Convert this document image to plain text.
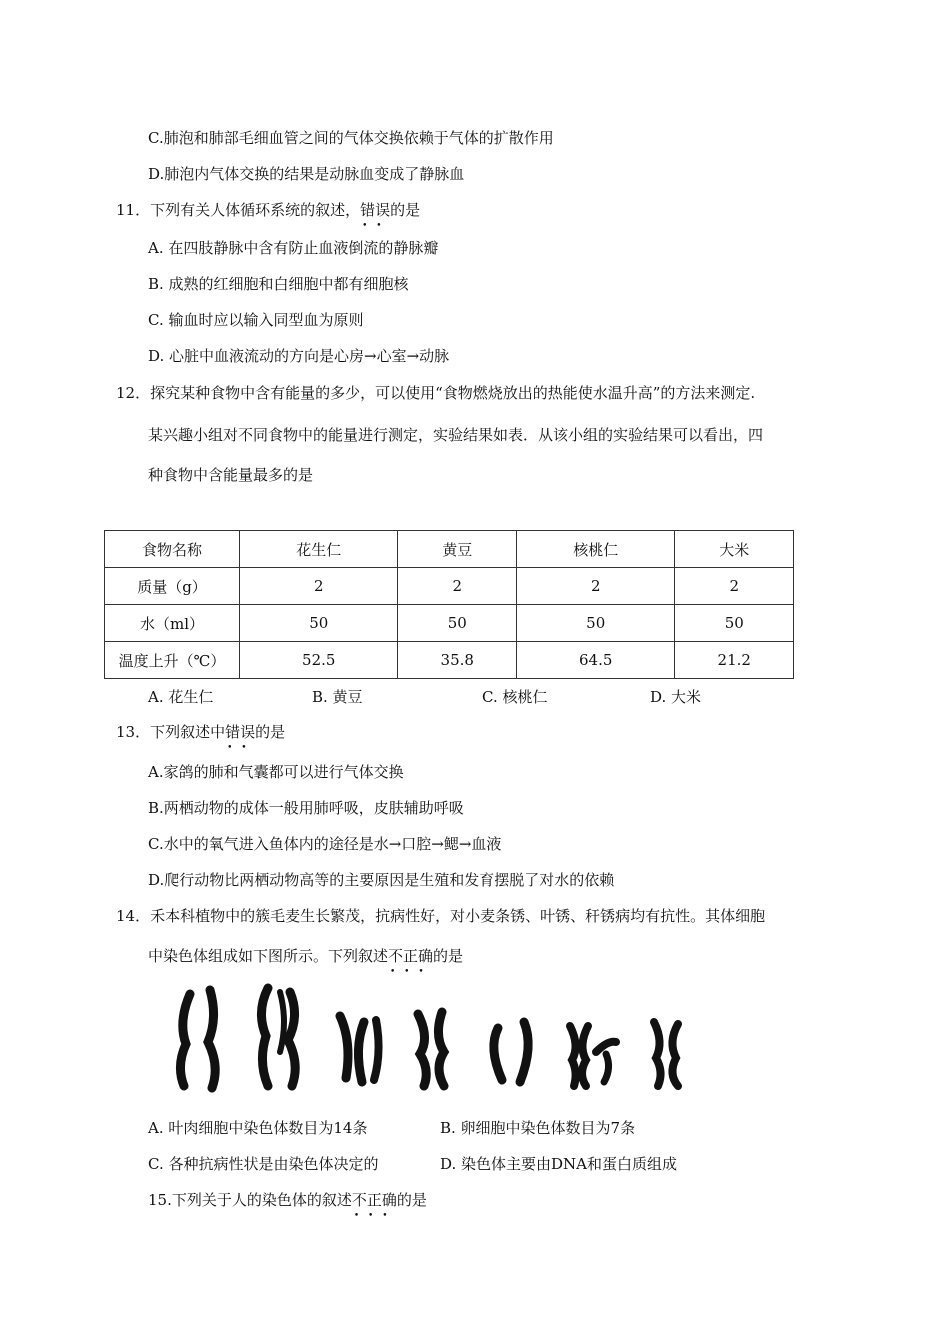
C.肺泡和肺部毛细血管之间的气体交换依赖于气体的扩散作用
D.肺泡内气体交换的结果是动脉血变成了静脉血
11．下列有关人体循环系统的叙述，错误 • •的是
A. 在四肢静脉中含有防止血液倒流的静脉瓣
B. 成熟的红细胞和白细胞中都有细胞核
C. 输血时应以输入同型血为原则
D. 心脏中血液流动的方向是心房→心室→动脉
12．探究某种食物中含有能量的多少，可以使用“食物燃烧放出的热能使水温升高”的方法来测定.
某兴趣小组对不同食物中的能量进行测定，实验结果如表．从该小组的实验结果可以看出，四
种食物中含能量最多的是
食物名称	花生仁	黄豆	核桃仁	大米
质量（g）	2	2	2	2
水（ml）	50	50	50	50
温度上升（℃）	52.5	35.8	64.5	21.2
A. 花生仁	B. 黄豆	C. 核桃仁	D. 大米
13．下列叙述中错误 • •的是
A.家鸽的肺和气囊都可以进行气体交换
B.两栖动物的成体一般用肺呼吸，皮肤辅助呼吸
C.水中的氧气进入鱼体内的途径是水→口腔→鳃→血液
D.爬行动物比两栖动物高等的主要原因是生殖和发育摆脱了对水的依赖
14．禾本科植物中的簇毛麦生长繁茂，抗病性好，对小麦条锈、叶锈、秆锈病均有抗性。其体细胞
中染色体组成如下图所示。下列叙述不正确 • • •的是
A. 叶肉细胞中染色体数目为14条	B. 卵细胞中染色体数目为7条
C. 各种抗病性状是由染色体决定的	D. 染色体主要由DNA和蛋白质组成
15.下列关于人的染色体的叙述不正确 • • •的是
